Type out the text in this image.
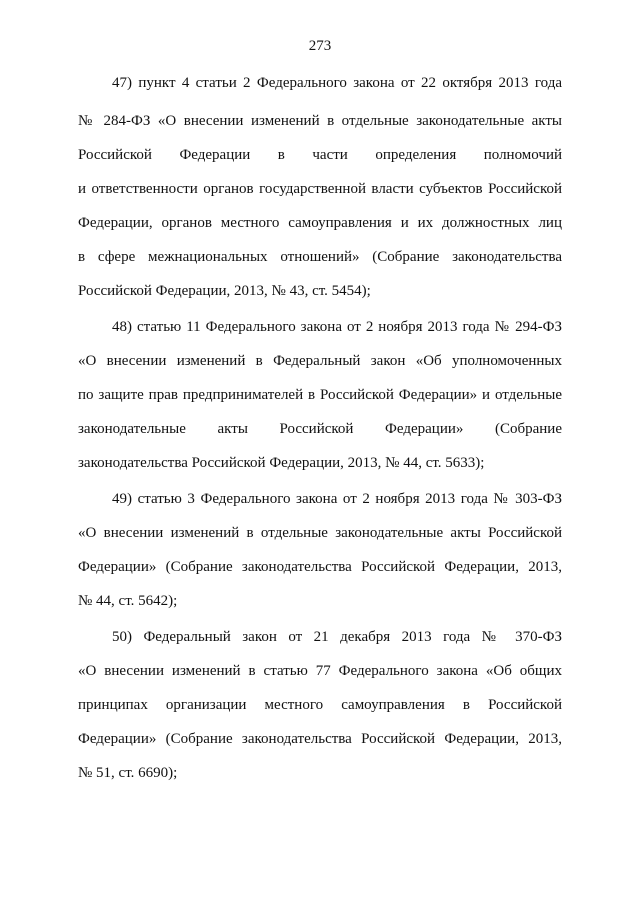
273
47) пункт 4 статьи 2 Федерального закона от 22 октября 2013 года
№ 284-ФЗ «О внесении изменений в отдельные законодательные акты
Российской Федерации в части определения полномочий
и ответственности органов государственной власти субъектов Российской
Федерации, органов местного самоуправления и их должностных лиц
в сфере межнациональных отношений» (Собрание законодательства
Российской Федерации, 2013, № 43, ст. 5454);
48) статью 11 Федерального закона от 2 ноября 2013 года № 294-ФЗ
«О внесении изменений в Федеральный закон «Об уполномоченных
по защите прав предпринимателей в Российской Федерации» и отдельные
законодательные акты Российской Федерации» (Собрание
законодательства Российской Федерации, 2013, № 44, ст. 5633);
49) статью 3 Федерального закона от 2 ноября 2013 года № 303-ФЗ
«О внесении изменений в отдельные законодательные акты Российской
Федерации» (Собрание законодательства Российской Федерации, 2013,
№ 44, ст. 5642);
50) Федеральный закон от 21 декабря 2013 года № 370-ФЗ
«О внесении изменений в статью 77 Федерального закона «Об общих
принципах организации местного самоуправления в Российской
Федерации» (Собрание законодательства Российской Федерации, 2013,
№ 51, ст. 6690);
